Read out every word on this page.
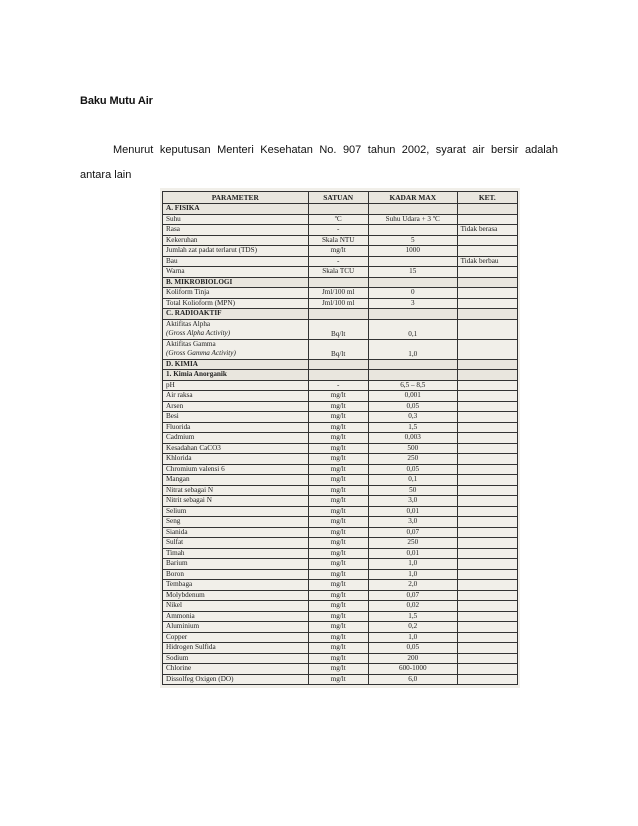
Baku Mutu Air
Menurut keputusan Menteri Kesehatan No. 907 tahun 2002, syarat air bersir adalah
antara lain
PARAMETER	SATUAN	KADAR MAX	KET.
A. FISIKA			

Suhu	ºC	Suhu Udara + 3 ºC	

Rasa	-		Tidak berasa

Kekeruhan	Skala NTU	5	

Jumlah zat padat terlarut (TDS)	mg/lt	1000	

Bau	-		Tidak berbau

Warna	Skala TCU	15	
B. MIKROBIOLOGI			

Koliform Tinja	Jml/100 ml	0	

Total Kolioform (MPN)	Jml/100 ml	3	
C. RADIOAKTIF			

Aktifitas Alpha
(Gross Alpha Activity)	Bq/lt	0,1	

Aktifitas Gamma
(Gross Gamma Activity)	Bq/lt	1,0	
D. KIMIA			
1. Kimia Anorganik			

pH	-	6,5 – 8,5	

Air raksa	mg/lt	0,001	

Arsen	mg/lt	0,05	

Besi	mg/lt	0,3	

Fluorida	mg/lt	1,5	

Cadmium	mg/lt	0,003	

Kesadahan CaCO3	mg/lt	500	

Khlorida	mg/lt	250	

Chromium valensi 6	mg/lt	0,05	

Mangan	mg/lt	0,1	

Nitrat sebagai N	mg/lt	50	

Nitrit sebagai N	mg/lt	3,0	

Selium	mg/lt	0,01	

Seng	mg/lt	3,0	

Sianida	mg/lt	0,07	

Sulfat	mg/lt	250	

Timah	mg/lt	0,01	

Barium	mg/lt	1,0	

Boron	mg/lt	1,0	

Tembaga	mg/lt	2,0	

Molybdenum	mg/lt	0,07	

Nikel	mg/lt	0,02	

Ammonia	mg/lt	1,5	

Aluminium	mg/lt	0,2	

Copper	mg/lt	1,0	

Hidrogen Sulfida	mg/lt	0,05	

Sodium	mg/lt	200	

Chlorine	mg/lt	600-1000	

Dissolfeg Oxigen (DO)	mg/lt	6,0	
